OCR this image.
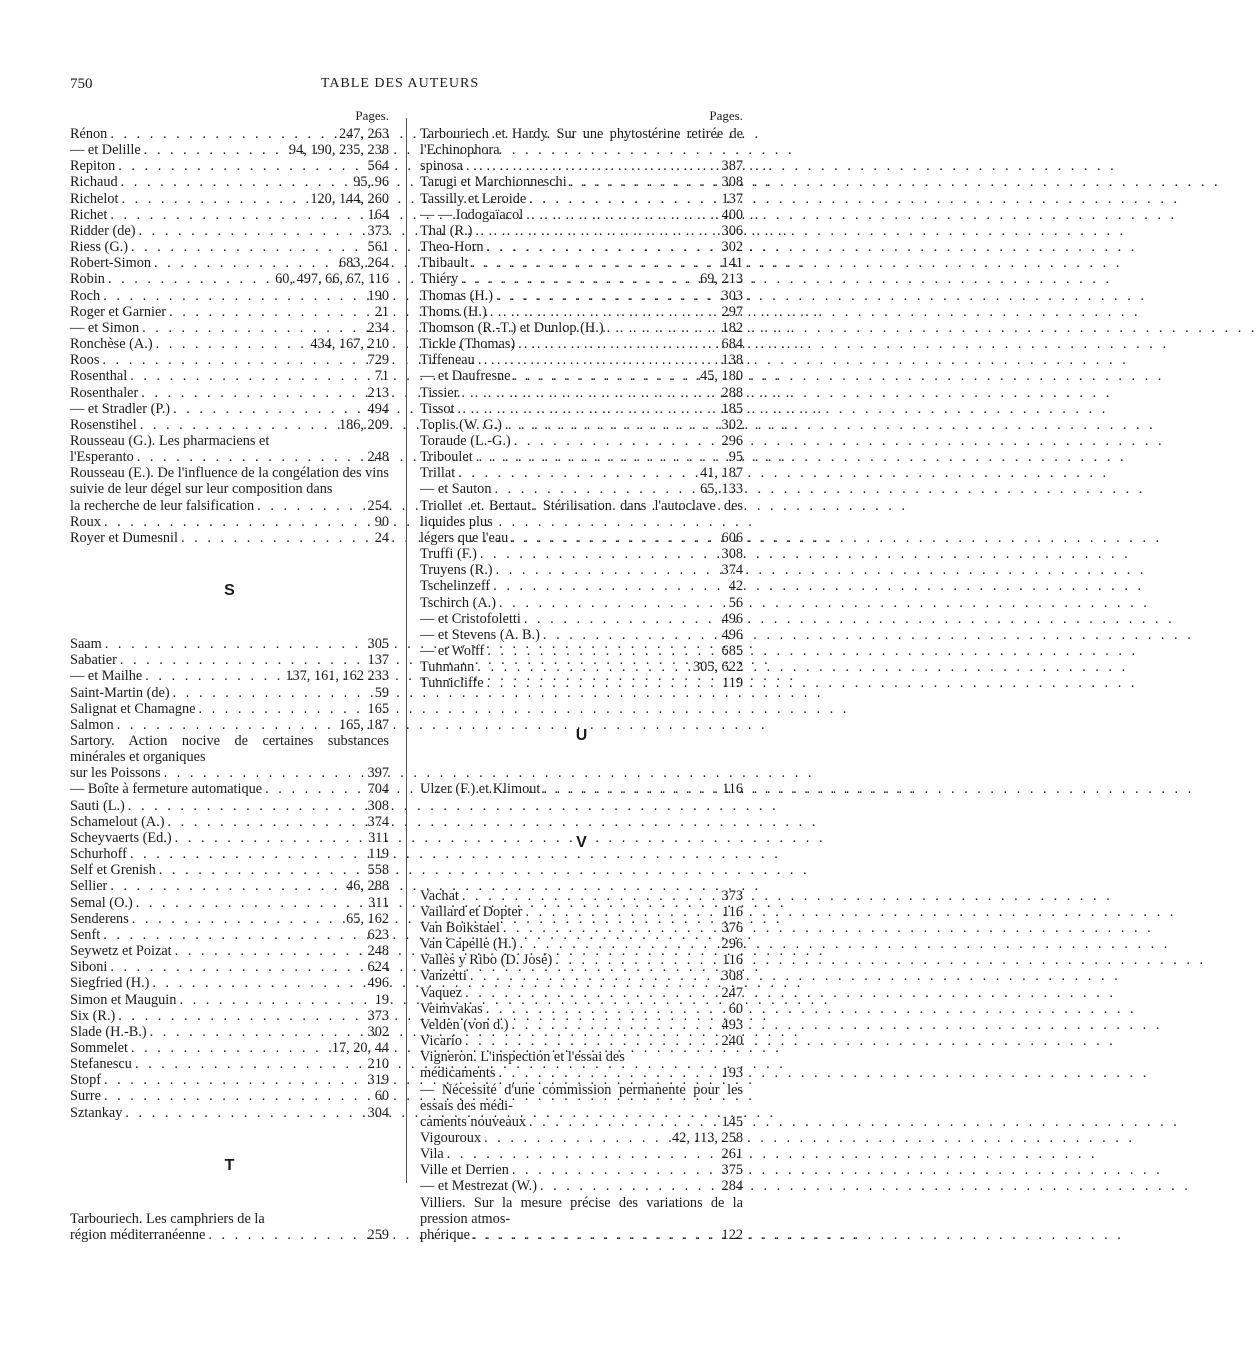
750	TABLE DES AUTEURS
Pages.
Rénon . . .	247, 263
— et Delille . . .	94, 190, 235, 238
Repiton . . .	564
Richaud . . .	95, 96
Richelot . . .	120, 144, 260
Richet . . .	164
Ridder (de) . . .	373
Riess (G.) . . .	561
Robert-Simon . . .	683, 264
Robin . . .	60, 497, 66, 67, 116
Roch . . .	190
Roger et Garnier . . .	21
— et Simon . . .	234
Ronchèse (A.) . . .	434, 167, 210
Roos . . .	729
Rosenthal . . .	71
Rosenthaler . . .	213
— et Stradler (P.) . . .	494
Rosenstihel . . .	186, 209
Rousseau (G.). Les pharmaciens et
l'Esperanto . . .	248
Rousseau (E.). De l'influence de la congélation des vins suivie de leur dégel sur leur composition dans
la recherche de leur falsification . . .	254
Roux . . .	90
Royer et Dumesnil . . .	24
S
Saam . . .	305
Sabatier . . .	137
— et Mailhe . . .	137, 161, 162 233
Saint-Martin (de) . . .	59
Salignat et Chamagne . . .	165
Salmon . . .	165, 187
Sartory. Action nocive de certaines substances minérales et organiques
sur les Poissons . . .	397
— Boîte à fermeture automatique . . .	704
Sauti (L.) . . .	308
Schamelout (A.) . . .	374
Scheyvaerts (Ed.) . . .	311
Schurhoff . . .	119
Self et Grenish . . .	558
Sellier . . .	46, 288
Semal (O.) . . .	311
Senderens . . .	65, 162
Senft . . .	623
Seywetz et Poizat . . .	248
Siboni . . .	624
Siegfried (H.) . . .	496
Simon et Mauguin . . .	19
Six (R.) . . .	373
Slade (H.-B.) . . .	302
Sommelet . . .	17, 20, 44
Stefanescu . . .	210
Stopf . . .	319
Surre . . .	60
Sztankay . . .	304
T
Tarbouriech. Les camphriers de la
région méditerranéenne . . .	259
Pages.
Tarbouriech et Hardy. Sur une phytostérine retirée de l'Echinophora
spinosa . . .	387
Tarugi et Marchionneschi . . .	308
Tassilly et Leroide . . .	137
— — Iodogaïacol . . .	400
Thal (R.) . . .	306
Theo-Horn . . .	302
Thibault . . .	141
Thiéry . . .	69, 213
Thomas (H.) . . .	303
Thoms (H.) . . .	297
Thomson (R.-T.) et Dunlop (H.) . . .	182
Tickle (Thomas) . . .	684
Tiffeneau . . .	138
— et Daufresne . . .	45, 180
Tissier . . .	288
Tissot . . .	185
Toplis (W. G.) . . .	302
Toraude (L.-G.) . . .	296
Triboulet . . .	95
Trillat . . .	41, 187
— et Sauton . . .	65, 133
Triollet et Bertaut. Stérilisation dans l'autoclave des liquides plus
légers que l'eau . . .	606
Truffi (F.) . . .	308
Truyens (R.) . . .	374
Tschelinzeff . . .	42
Tschirch (A.) . . .	56
— et Cristofoletti . . .	496
— et Stevens (A. B.) . . .	496
— et Wolff . . .	685
Tunmann . . .	305, 622
Tunnicliffe . . .	119
U
Ulzer (F.) et Klimout . . .	116
V
Vachat . . .	373
Vaillard et Dopter . . .	116
Van Boikstael . . .	376
Van Capelle (H.) . . .	296
Vallès y Ribo (D. José) . . .	116
Vanzetti . . .	308
Vaquez . . .	247
Veimvakas . . .	60
Velden (von d.) . . .	493
Vicario . . .	240
Vigneron. L'inspection et l'essai des
médicaments . . .	193
— Nécessité d'une commission permanente pour les essais des médi-
caments nouveaux . . .	145
Vigouroux . . .	42, 113, 258
Vila . . .	261
Ville et Derrien . . .	375
— et Mestrezat (W.) . . .	284
Villiers. Sur la mesure précise des variations de la pression atmos-
phérique . . .	122
